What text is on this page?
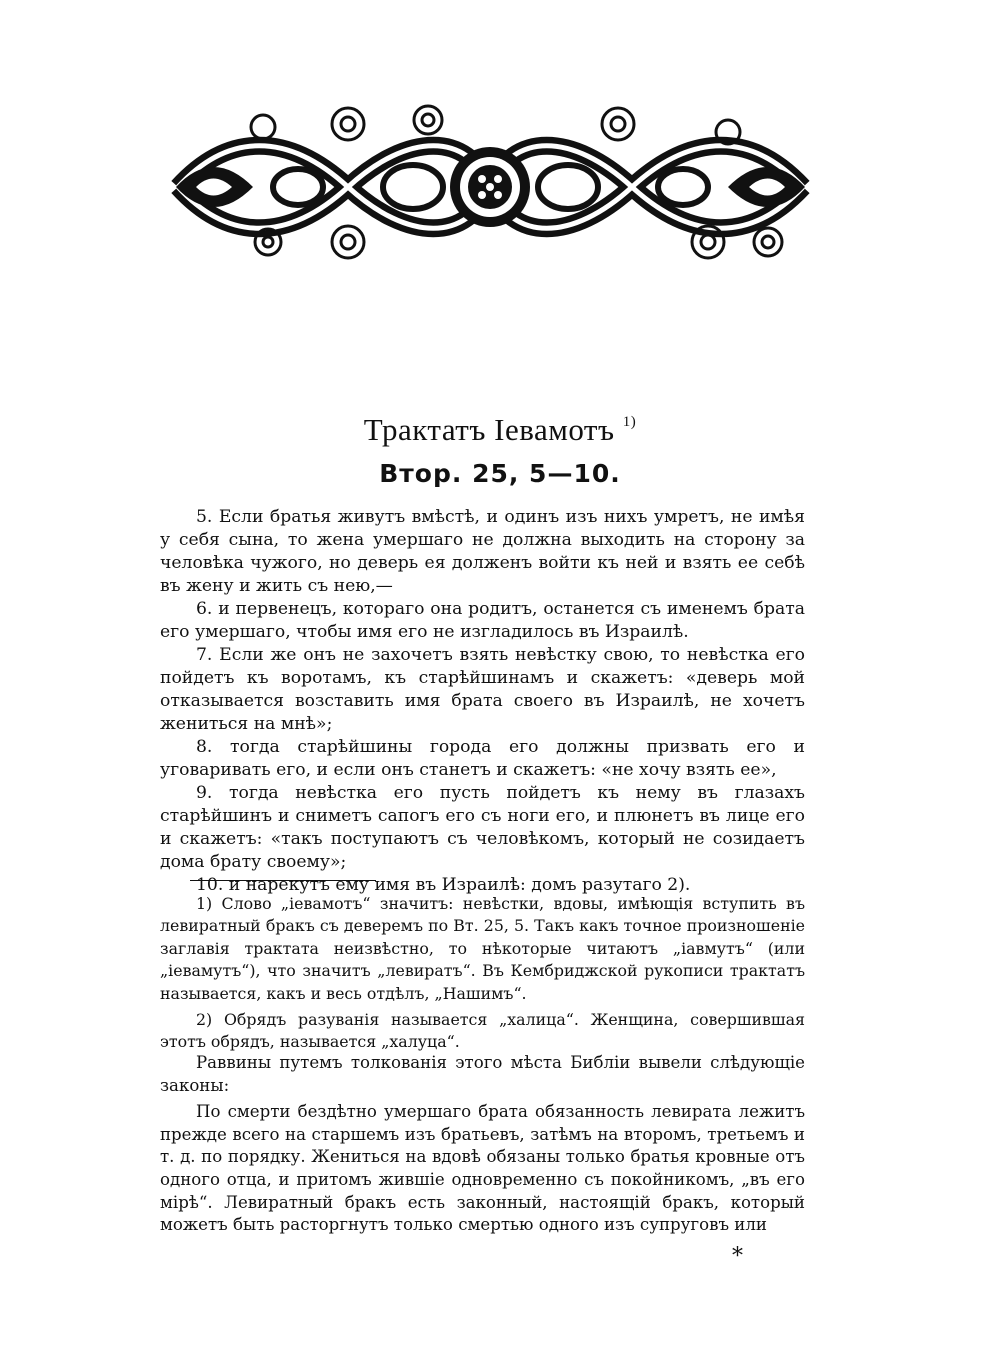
Трактатъ Іевамотъ $^{1)}$
Втор. 25, 5—10.

5. Если братья живутъ вмѣстѣ, и одинъ изъ нихъ умретъ, не имѣя у себя сына, то жена умершаго не должна выходить на сторону за человѣка чужого, но деверь ея долженъ войти къ ней и взять ее себѣ въ жену и жить съ нею,—

6. и первенецъ, котораго она родитъ, останется съ именемъ брата его умершаго, чтобы имя его не изгладилось въ Израилѣ.

7. Если же онъ не захочетъ взять невѣстку свою, то невѣстка его пойдетъ къ воротамъ, къ старѣйшинамъ и скажетъ: «деверь мой отказывается возставить имя брата своего въ Израилѣ, не хочетъ жениться на мнѣ»;

8. тогда старѣйшины города его должны призвать его и уговаривать его, и если онъ станетъ и скажетъ: «не хочу взять ее»,

9. тогда невѣстка его пусть пойдетъ къ нему въ глазахъ старѣйшинъ и сниметъ сапогъ его съ ноги его, и плюнетъ въ лице его и скажетъ: «такъ поступаютъ съ человѣкомъ, который не созидаетъ дома брату своему»;

10. и нарекутъ ему имя въ Израилѣ: домъ разутаго 2).

1) Слово „іевамотъ“ значитъ: невѣстки, вдовы, имѣющія вступить въ левиратный бракъ съ деверемъ по Вт. 25, 5. Такъ какъ точное произношеніе заглавія трактата неизвѣстно, то нѣкоторые читаютъ „іавмутъ“ (или „іевамутъ“), что значитъ „левиратъ“. Въ Кембриджской рукописи трактатъ называется, какъ и весь отдѣлъ, „Нашимъ“.

2) Обрядъ разуванія называется „халица“. Женщина, совершившая этотъ обрядъ, называется „халуца“.

Раввины путемъ толкованія этого мѣста Библіи вывели слѣдующіе законы:

По смерти бездѣтно умершаго брата обязанность левирата лежитъ прежде всего на старшемъ изъ братьевъ, затѣмъ на второмъ, третьемъ и т. д. по порядку. Жениться на вдовѣ обязаны только братья кровные отъ одного отца, и притомъ жившіе одновременно съ покойникомъ, „въ его мірѣ“. Левиратный бракъ есть законный, настоящій бракъ, который можетъ быть расторгнутъ только смертью одного изъ супруговъ или

*
